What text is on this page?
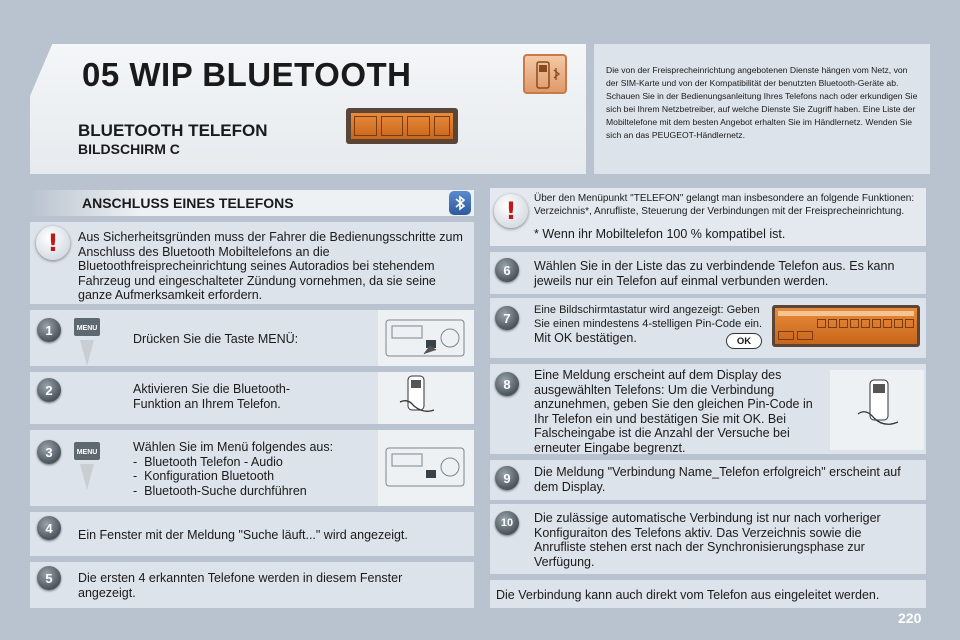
05 WIP BLUETOOTH
BLUETOOTH TELEFON
BILDSCHIRM C
Die von der Freisprecheinrichtung angebotenen Dienste hängen vom Netz, von der SIM-Karte und von der Kompatibilität der benutzten Bluetooth-Geräte ab. Schauen Sie in der Bedienungsanleitung Ihres Telefons nach oder erkundigen Sie sich bei Ihrem Netzbetreiber, auf welche Dienste Sie Zugriff haben. Eine Liste der Mobiltelefone mit dem besten Angebot erhalten Sie im Händlernetz. Wenden Sie sich an das PEUGEOT-Händlernetz.
ANSCHLUSS EINES TELEFONS
!	Aus Sicherheitsgründen muss der Fahrer die Bedienungsschritte zum Anschluss des Bluetooth Mobiltelefons an die Bluetoothfreisprecheinrichtung seines Autoradios bei stehendem Fahrzeug und eingeschalteter Zündung vornehmen, da sie seine ganze Aufmerksamkeit erfordern.
1	MENU
Drücken Sie die Taste MENÜ:
2	Aktivieren Sie die Bluetooth-Funktion an Ihrem Telefon.
3	MENU	Wählen Sie im Menü folgendes aus:
-  Bluetooth Telefon - Audio
-  Konfiguration Bluetooth
-  Bluetooth-Suche durchführen
4	Ein Fenster mit der Meldung "Suche läuft..." wird angezeigt.
5	Die ersten 4 erkannten Telefone werden in diesem Fenster angezeigt.
!	Über den Menüpunkt "TELEFON" gelangt man insbesondere an folgende Funktionen: Verzeichnis*, Anrufliste, Steuerung der Verbindungen mit der Freisprecheinrichtung.
* Wenn ihr Mobiltelefon 100 % kompatibel ist.
6	Wählen Sie in der Liste das zu verbindende Telefon aus. Es kann jeweils nur ein Telefon auf einmal verbunden werden.
7
Eine Bildschirmtastatur wird angezeigt: Geben Sie einen mindestens 4-stelligen Pin-Code ein.
Mit OK bestätigen.	OK
8
Eine Meldung erscheint auf dem Display des ausgewählten Telefons: Um die Verbindung anzunehmen, geben Sie den gleichen Pin-Code in Ihr Telefon ein und bestätigen Sie mit OK. Bei Falscheingabe ist die Anzahl der Versuche bei erneuter Eingabe begrenzt.
9	Die Meldung "Verbindung Name_Telefon erfolgreich" erscheint auf dem Display.
10	Die zulässige automatische Verbindung ist nur nach vorheriger Konfiguraiton des Telefons aktiv. Das Verzeichnis sowie die Anrufliste stehen erst nach der Synchronisierungsphase zur Verfügung.
Die Verbindung kann auch direkt vom Telefon aus eingeleitet werden.
220
